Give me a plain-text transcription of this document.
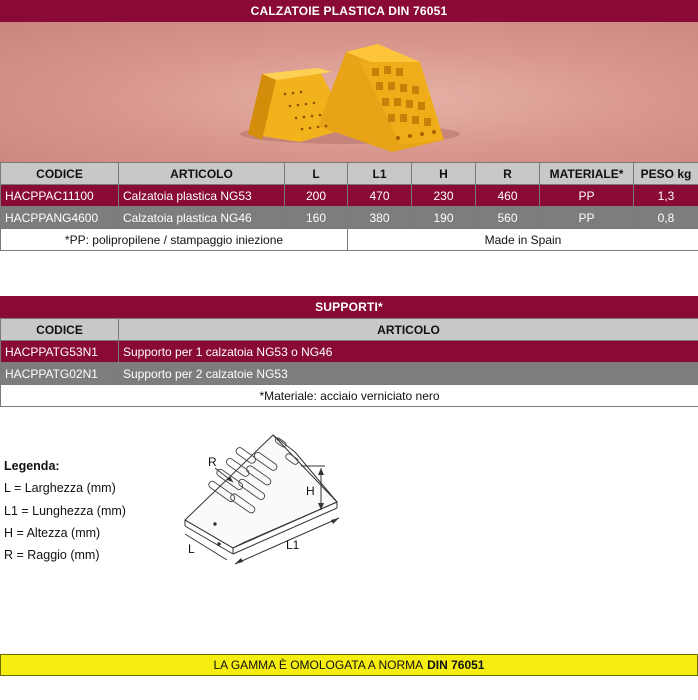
CALZATOIE PLASTICA DIN 76051
CODICE	ARTICOLO	L	L1	H	R	MATERIALE*	PESO kg
HACPPAC11100	Calzatoia plastica NG53	200	470	230	460	PP	1,3
HACPPANG4600	Calzatoia plastica NG46	160	380	190	560	PP	0,8
*PP: polipropilene / stampaggio iniezione			Made in Spain				
SUPPORTI*
CODICE	ARTICOLO
HACPPATG53N1	Supporto per 1 calzatoia NG53 o NG46
HACPPATG02N1	Supporto per 2 calzatoie NG53
*Materiale: acciaio verniciato nero	
Legenda:
L = Larghezza (mm)
L1 = Lunghezza (mm)
H = Altezza (mm)
R = Raggio (mm)
R
H
L	L1
LA GAMMA È OMOLOGATA A NORMA DIN 76051
